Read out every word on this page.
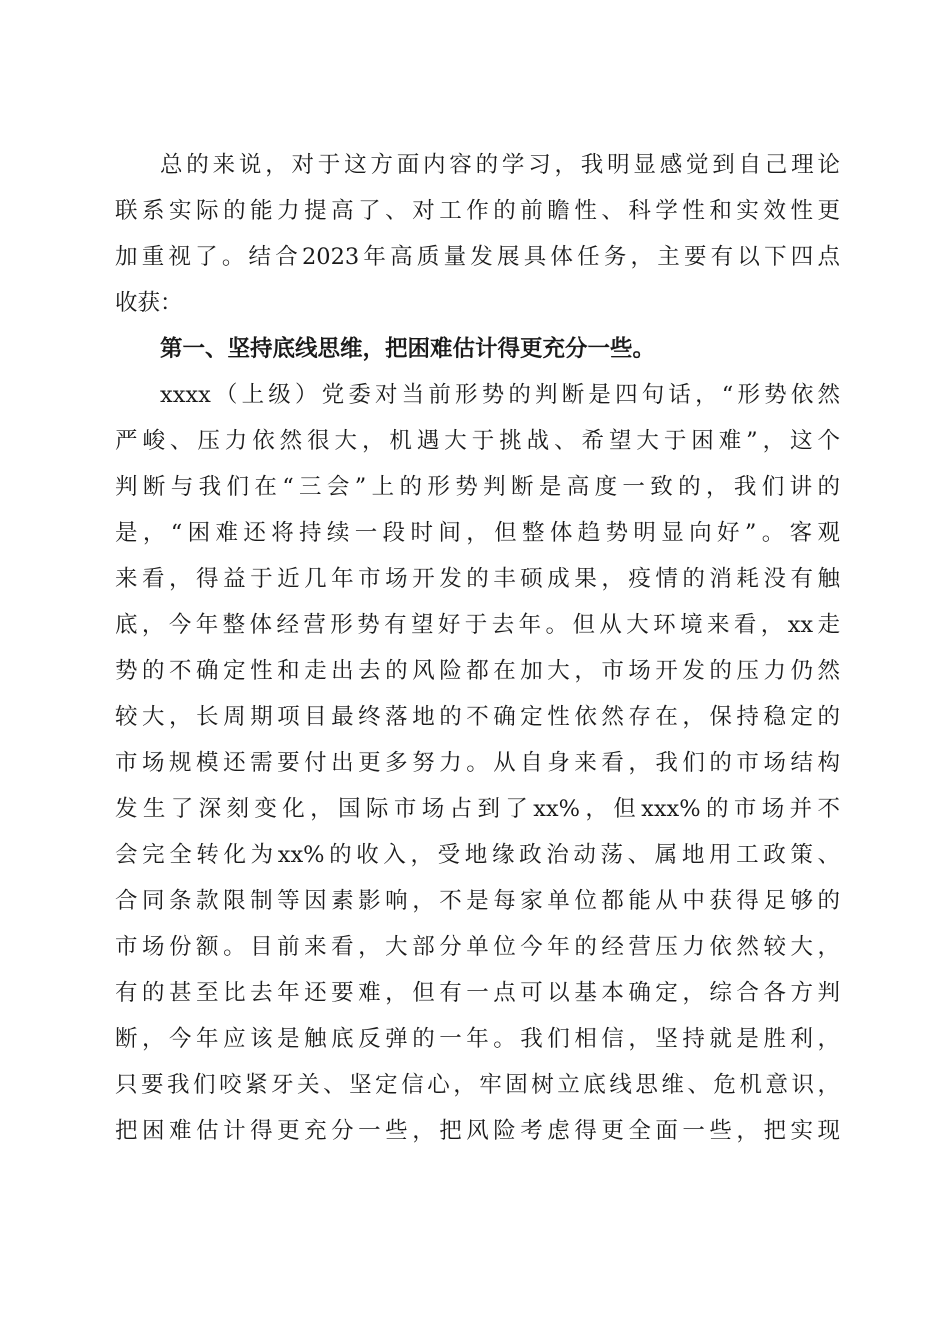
总的来说，对于这方面内容的学习，我明显感觉到自己理论
联系实际的能力提高了、对工作的前瞻性、科学性和实效性更
加重视了。结合2023年高质量发展具体任务，主要有以下四点
收获：
第一、坚持底线思维，把困难估计得更充分一些。
xxxx（上级）党委对当前形势的判断是四句话，“形势依然
严峻、压力依然很大，机遇大于挑战、希望大于困难”，这个
判断与我们在“三会”上的形势判断是高度一致的，我们讲的
是，“困难还将持续一段时间，但整体趋势明显向好”。客观
来看，得益于近几年市场开发的丰硕成果，疫情的消耗没有触
底，今年整体经营形势有望好于去年。但从大环境来看，xx走
势的不确定性和走出去的风险都在加大，市场开发的压力仍然
较大，长周期项目最终落地的不确定性依然存在，保持稳定的
市场规模还需要付出更多努力。从自身来看，我们的市场结构
发生了深刻变化，国际市场占到了xx%，但xxx%的市场并不
会完全转化为xx%的收入，受地缘政治动荡、属地用工政策、
合同条款限制等因素影响，不是每家单位都能从中获得足够的
市场份额。目前来看，大部分单位今年的经营压力依然较大，
有的甚至比去年还要难，但有一点可以基本确定，综合各方判
断，今年应该是触底反弹的一年。我们相信，坚持就是胜利，
只要我们咬紧牙关、坚定信心，牢固树立底线思维、危机意识，
把困难估计得更充分一些，把风险考虑得更全面一些，把实现
